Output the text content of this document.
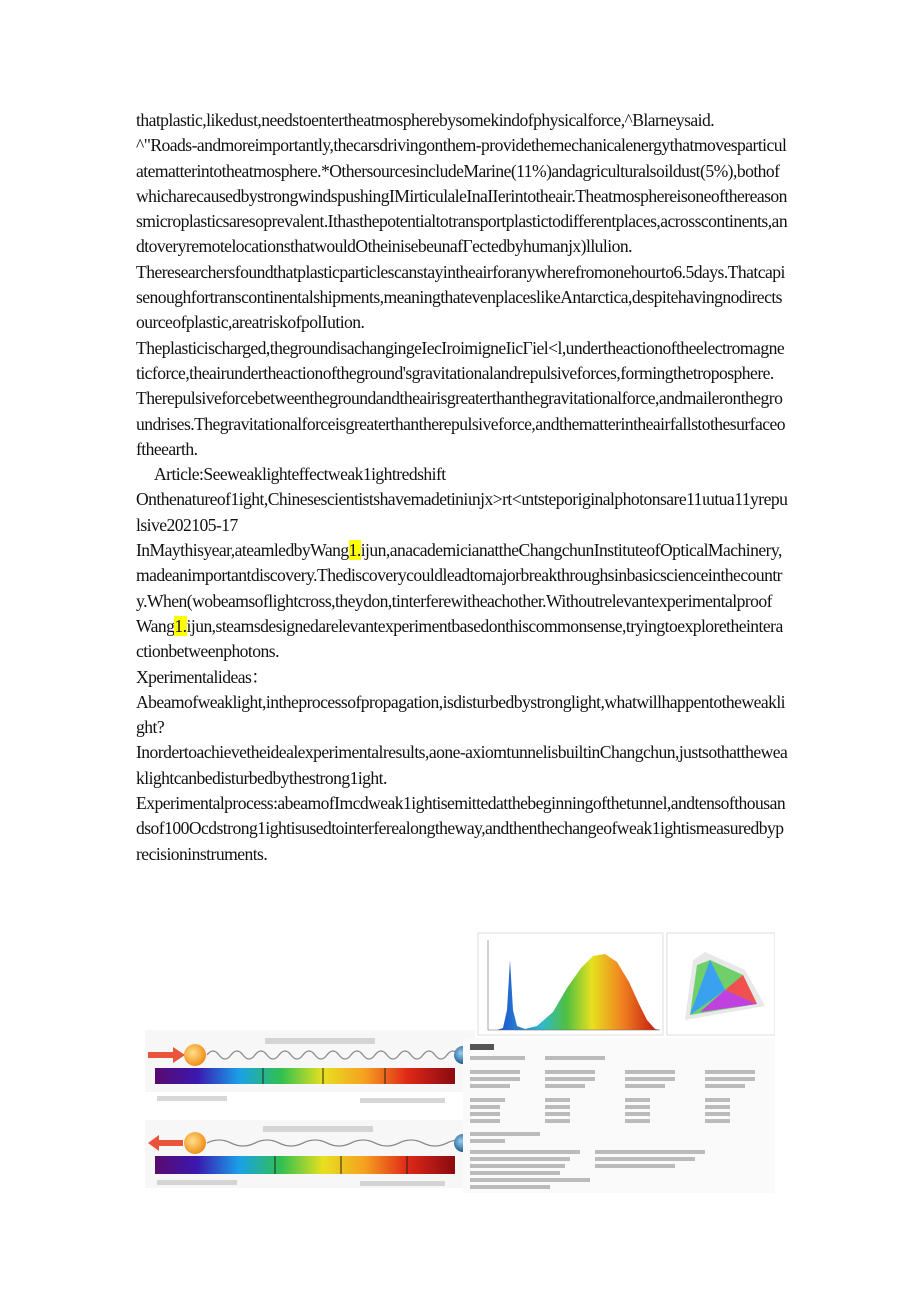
thatplastic,likedust,needstoentertheatmospherebysomekindofphysicalforce,^Blarneysaid.

^"Roads-andmoreimportantly,thecarsdrivingonthem-providethemechanicalenergythatmovesparticulatematterintotheatmosphere.*OthersourcesincludeMarine(11%)andagriculturalsoildust(5%),bothofwhicharecausedbystrongwindspushingIMirticulaleInaIIerintotheair.Theatmosphereisoneofthereasonsmicroplasticsaresoprevalent.Ithasthepotentialtotransportplastictodifferentplaces,acrosscontinents,andtoveryremotelocationsthatwouldOtheinisebeunafΓectedbyhumanjx)llulion.

Theresearchersfoundthatplasticparticlescanstayintheairforanywherefromonehourto6.5days.Thatcapisenoughfortranscontinentalshipments,meaningthatevenplaceslikeAntarctica,despitehavingnodirectsourceofplastic,areatriskofpolIution.

Theplasticischarged,thegroundisachangingeIecIroimigneIicΓiel<l,undertheactionoftheelectromagneticforce,theairundertheactionoftheground'sgravitationalandrepulsiveforces,formingthetroposphere.

Therepulsiveforcebetweenthegroundandtheairisgreaterthanthegravitationalforce,andmaileronthegroundrises.Thegravitationalforceisgreaterthantherepulsiveforce,andthematterintheairfallstothesurfaceoftheearth.

Article:Seeweaklighteffectweak1ightredshift

Onthenatureof1ight,Chinesescientistshavemadetiniιnjx>rt<ιntsteporiginalphotonsare11ιutua11yrepulsive202105-17

InMaythisyear,ateamledbyWang1.ijun,anacademicianattheChangchunInstituteofOpticalMachinery,madeanimportantdiscovery.Thediscoverycouldleadtomajorbreakthroughsinbasicscienceinthecountry.When(wobeamsoflightcross,theydon,tinterferewitheachother.WithoutrelevantexperimentalproofWang1.ijun,steamsdesignedarelevantexperimentbasedonthiscommonsense,tryingtoexploretheinteractionbetweenphotons.

Xperimentalideas：

Abeamofweaklight,intheprocessofpropagation,isdisturbedbystronglight,whatwillhappentotheweaklight?

Inordertoachievetheidealexperimentalresults,aone-axiomtunnelisbuiltinChangchun,justsothattheweaklightcanbedisturbedbythestrong1ight.

Experimentalprocess:abeamofImcdweak1ightisemittedatthebeginningofthetunnel,andtensofthousandsof100Ocdstrong1ightisusedtointerferealongtheway,andthenthechangeofweak1ightismeasuredbyprecisioninstruments.
